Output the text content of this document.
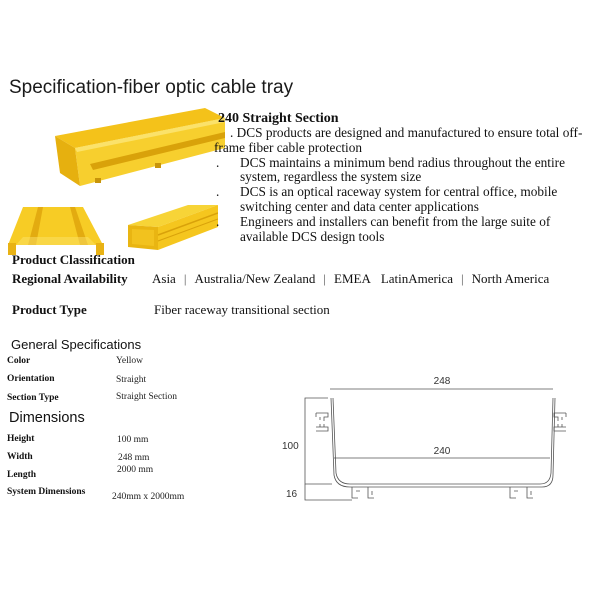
Specification-fiber optic cable tray
240 Straight Section
. DCS products are designed and manufactured to ensure total off-frame fiber cable protection
. DCS maintains a minimum bend radius throughout the entire system, regardless the system size
. DCS is an optical raceway system for central office, mobile switching center and data center applications
. Engineers and installers can benefit from the large suite of available DCS design tools
Product Classification
Regional Availability Asia | Australia/New Zealand | EMEA LatinAmerica | North America
Product Type	Fiber raceway transitional section
General Specifications
Color	Yellow
Orientation	Straight
Section Type	Straight Section
Dimensions
Height	100 mm
Width	248 mm
Length	2000 mm
System Dimensions	240mm x 2000mm
248
240
100
16
